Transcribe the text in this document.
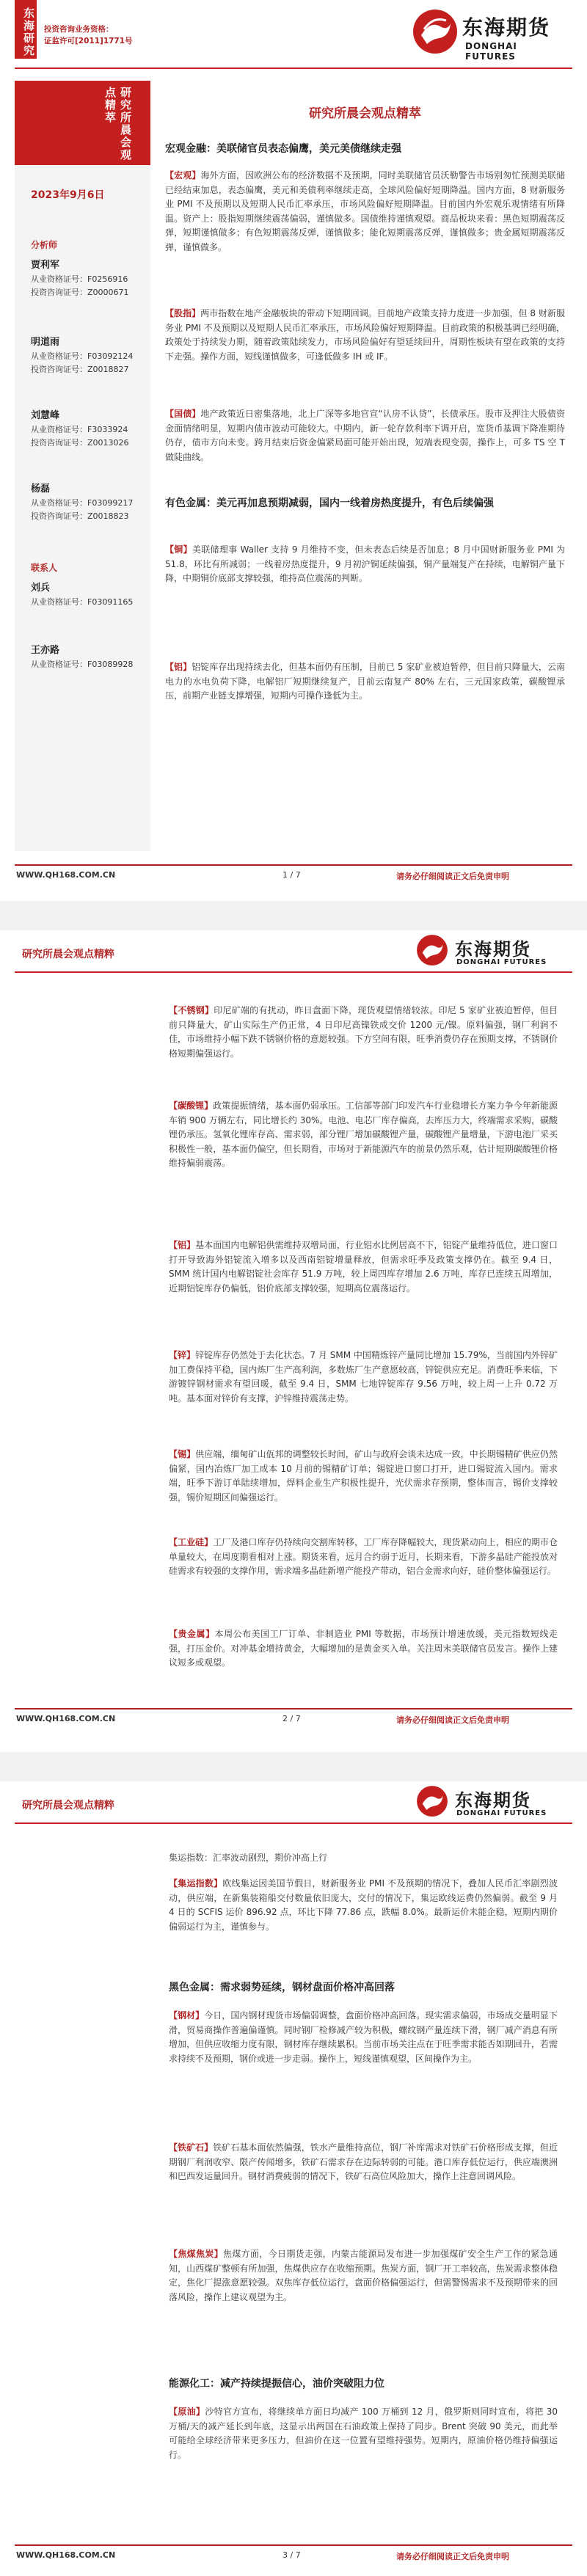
东海研究 投资咨询业务资格：
证监许可[2011]1771号
东海期货
DONGHAI FUTURES
研究所晨会观点精萃
2023年9月6日
分析师
贾利军
从业资格证号：F0256916
投资咨询证号：Z0000671
明道雨
从业资格证号：F03092124
投资咨询证号：Z0018827
刘慧峰
从业资格证号：F3033924
投资咨询证号：Z0013026
杨磊
从业资格证号：F03099217
投资咨询证号：Z0018823
联系人
刘兵
从业资格证号：F03091165
王亦路
从业资格证号：F03089928
研究所晨会观点精萃
宏观金融：美联储官员表态偏鹰，美元美债继续走强
【宏观】海外方面，因欧洲公布的经济数据不及预期，同时美联储官员沃勒警告市场别匆忙预测美联储已经结束加息，表态偏鹰，美元和美债利率继续走高，全球风险偏好短期降温。国内方面，8 财新服务业 PMI 不及预期以及短期人民币汇率承压，市场风险偏好短期降温。目前国内外宏观乐观情绪有所降温。资产上：股指短期继续震荡偏弱，谨慎做多。国债维持谨慎观望。商品板块来看：黑色短期震荡反弹，短期谨慎做多；有色短期震荡反弹，谨慎做多；能化短期震荡反弹，谨慎做多；贵金属短期震荡反弹，谨慎做多。
【股指】两市指数在地产金融板块的带动下短期回调。目前地产政策支持力度进一步加强，但 8 财新服务业 PMI 不及预期以及短期人民币汇率承压，市场风险偏好短期降温。目前政策的积极基调已经明确，政策处于持续发力期，随着政策陆续发力，市场风险偏好有望延续回升，周期性板块有望在政策的支持下走强。操作方面，短线谨慎做多，可逢低做多 IH 或 IF。
【国债】地产政策近日密集落地，北上广深等多地官宣“认房不认贷”，长债承压。股市及押注大股债资金面情绪明显，短期内债市波动可能较大。中期内，新一轮存款利率下调开启，宽货币基调下降准期待仍存，债市方向未变。跨月结束后资金偏紧局面可能开始出现，短端表现变弱，操作上，可多 TS 空 T 做陡曲线。
有色金属：美元再加息预期减弱，国内一线着房热度提升，有色后续偏强
【铜】美联储理事 Waller 支持 9 月维持不变，但未表态后续是否加息；8 月中国财新服务业 PMI 为 51.8，环比有所减弱；一线着房热度提升，9 月初沪铜延续偏强，铜产量端复产在持续，电解铜产量下降，中期铜价底部支撑较强，维持高位震荡的判断。
【铝】铝锭库存出现持续去化，但基本面仍有压制，目前已 5 家矿业被迫暂停，但目前只降量大，云南电力的水电负荷下降，电解铝厂短期继续复产，目前云南复产 80% 左右，三元国家政策，碳酸锂承压，前期产业链支撑增强，短期内可操作逢低为主。
WWW.QH168.COM.CN	1 / 7	请务必仔细阅读正文后免责申明
研究所晨会观点精粹	东海期货
DONGHAI FUTURES
【不锈钢】印尼矿端的有扰动，昨日盘面下降，现货观望情绪较浓。印尼 5 家矿业被迫暂停，但目前只降量大，矿山实际生产仍正常，4 日印尼高镍铁成交价 1200 元/镍。原料偏强，钢厂利润不佳，市场维持小幅下跌不锈钢价格的意愿较强。下方空间有限，旺季消费仍存在预期支撑，不锈钢价格短期偏强运行。
【碳酸锂】政策提振情绪，基本面仍弱承压。工信部等部门印发汽车行业稳增长方案力争今年新能源车销 900 万辆左右，同比增长约 30%。电池、电芯厂库存偏高，去库压力大，终端需求采购，碳酸锂仍承压。氢氧化锂库存高、需求弱，部分锂厂增加碳酸锂产量，碳酸锂产量增量，下游电池厂采买积极性一般，基本面仍偏空，但长期看，市场对于新能源汽车的前景仍然乐观，估计短期碳酸锂价格维持偏弱震荡。
【铝】基本面国内电解铝供需维持双增局面，行业铝水比例居高不下，铝锭产量维持低位，进口窗口打开导致海外铝锭流入增多以及西南铝锭增量释放，但需求旺季及政策支撑仍在。截至 9.4 日，SMM 统计国内电解铝锭社会库存 51.9 万吨，较上周四库存增加 2.6 万吨，库存已连续五周增加，近期铝锭库存仍偏低，铝价底部支撑较强，短期高位震荡运行。
【锌】锌锭库存仍然处于去化状态。7 月 SMM 中国精炼锌产量同比增加 15.79%，当前国内外锌矿加工费保持平稳，国内炼厂生产高利润，多数炼厂生产意愿较高，锌锭供应充足。消费旺季来临，下游镀锌钢材需求有望回暖，截至 9.4 日，SMM 七地锌锭库存 9.56 万吨，较上周一上升 0.72 万吨。基本面对锌价有支撑，沪锌维持震荡走势。
【锡】供应端，缅甸矿山佤邦的调整较长时间，矿山与政府会谈未达成一致，中长期锡精矿供应仍然偏紧，国内冶炼厂加工成本 10 月前的锡精矿订单；锡锭进口窗口打开，进口锡锭流入国内。需求端，旺季下游订单陆续增加，焊料企业生产积极性提升，光伏需求存预期，整体而言，锡价支撑较强，锡价短期区间偏强运行。
【工业硅】工厂及港口库存仍持续向交割库转移，工厂库存降幅较大，现货紧动向上，相应的期市仓单量较大，在周度期看相对上涨。期货来看，远月合约弱于近月，长期来看，下游多晶硅产能投放对硅需求有较强的支撑作用，需求端多晶硅新增产能投产带动，铝合金需求向好，硅价整体偏强运行。
【贵金属】本周公布美国工厂订单、非制造业 PMI 等数据，市场预计增速放缓，美元指数短线走强，打压金价。对冲基金增持黄金，大幅增加的是黄金买入单。关注周末美联储官员发言。操作上建议短多或观望。
WWW.QH168.COM.CN	2 / 7	请务必仔细阅读正文后免责申明
研究所晨会观点精粹	东海期货
DONGHAI FUTURES
集运指数：汇率波动剧烈，期价冲高上行
【集运指数】欧线集运因美国节假日，财新服务业 PMI 不及预期的情况下，叠加人民币汇率剧烈波动，供应端，在新集装箱船交付数量依旧庞大，交付的情况下，集运欧线运费仍然偏弱。截至 9 月 4 日的 SCFIS 运价 896.92 点，环比下降 77.86 点，跌幅 8.0%。最新运价未能企稳，短期内期价偏弱运行为主，谨慎参与。
黑色金属：需求弱势延续，钢材盘面价格冲高回落
【钢材】今日，国内钢材现货市场偏弱调整，盘面价格冲高回落。现实需求偏弱，市场成交量明显下滑，贸易商操作普遍偏谨慎。同时钢厂检修减产较为积极，螺纹钢产量连续下滑，钢厂减产消息有所增加，但供应收缩力度有限，钢材库存继续累积。当前市场关注点在于旺季需求能否如期回升，若需求持续不及预期，钢价或进一步走弱。操作上，短线谨慎观望，区间操作为主。
【铁矿石】铁矿石基本面依然偏强，铁水产量维持高位，钢厂补库需求对铁矿石价格形成支撑，但近期钢厂利润收窄、限产传闻增多，铁矿石需求存在边际转弱的可能。港口库存低位运行，供应端澳洲和巴西发运量回升。钢材消费疲弱的情况下，铁矿石高位风险加大，操作上注意回调风险。
【焦煤焦炭】焦煤方面，今日期货走强，内蒙古能源局发布进一步加强煤矿安全生产工作的紧急通知，山西煤矿整顿有所加强，焦煤供应存在收缩预期。焦炭方面，钢厂开工率较高，焦炭需求整体稳定，焦化厂提涨意愿较强。双焦库存低位运行，盘面价格偏强运行，但需警惕需求不及预期带来的回落风险，操作上建议观望为主。
能源化工：减产持续提振信心，油价突破阻力位
【原油】沙特官方宣布，将继续单方面日均减产 100 万桶到 12 月，俄罗斯则同时宣布，将把 30 万桶/天的减产延长到年底，这显示出两国在石油政策上保持了同步。Brent 突破 90 美元，而此举可能给全球经济带来更多压力，但油价在这一位置有望维持强势。短期内，原油价格仍维持偏强运行。
WWW.QH168.COM.CN	3 / 7	请务必仔细阅读正文后免责申明
